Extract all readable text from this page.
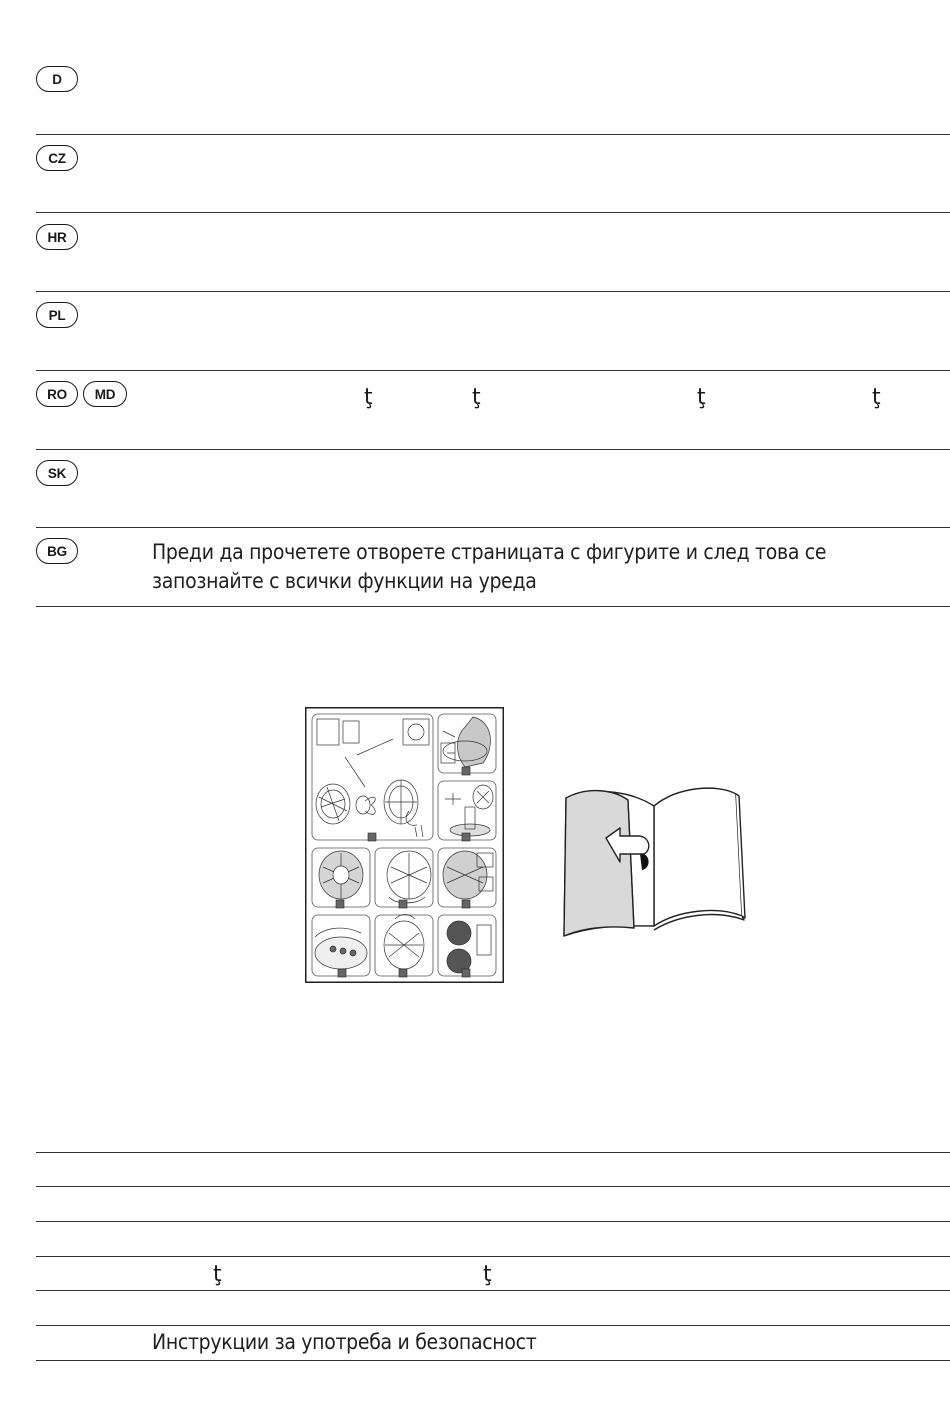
D
CZ
HR
PL
RO	MD	ţ	ţ	ţ	ţ
SK
BG	Преди да прочетете отворете страницата с фигурите и след това се запознайте с всички функции на уреда
ţ	ţ
Инструкции за употреба и безопасност
